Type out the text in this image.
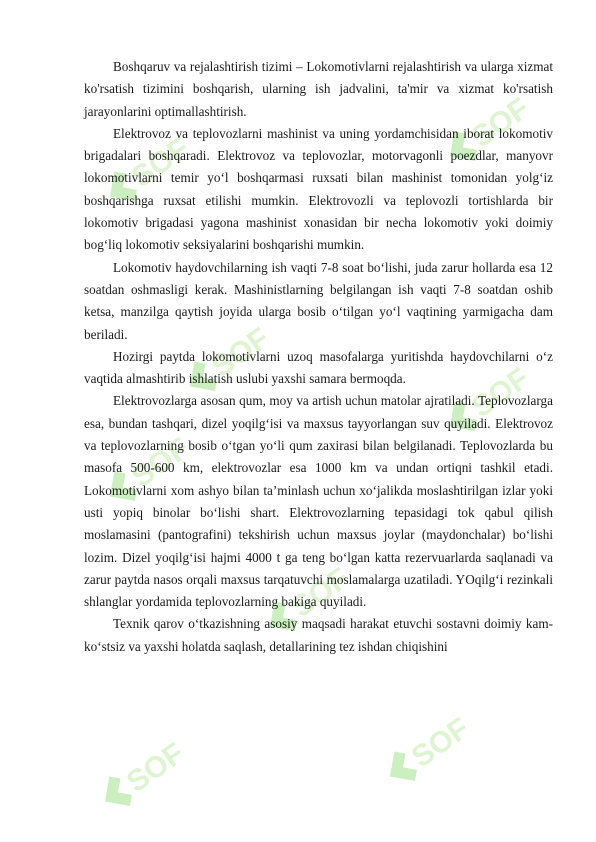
SOF
SOF
SOF
SOF
SOF
SOF
SOF
SOF

Boshqaruv va rejalashtirish tizimi – Lokomotivlarni rejalashtirish va ularga xizmat ko'rsatish tizimini boshqarish, ularning ish jadvalini, ta'mir va xizmat ko'rsatish jarayonlarini optimallashtirish.

Elektrovoz va teplovozlarni mashinist va uning yordamchisidan iborat lokomotiv brigadalari boshqaradi. Elektrovoz va teplovozlar, motorvagonli poezdlar, manyovr lokomotivlarni temir yo‘l boshqarmasi ruxsati bilan mashinist tomonidan yolg‘iz boshqarishga ruxsat etilishi mumkin. Elektrovozli va teplovozli tortishlarda bir lokomotiv brigadasi yagona mashinist xonasidan bir necha lokomotiv yoki doimiy bog‘liq lokomotiv seksiyalarini boshqarishi mumkin.

Lokomotiv haydovchilarning ish vaqti 7-8 soat bo‘lishi, juda zarur hollarda esa 12 soatdan oshmasligi kerak. Mashinistlarning belgilangan ish vaqti 7-8 soatdan oshib ketsa, manzilga qaytish joyida ularga bosib o‘tilgan yo‘l vaqtining yarmigacha dam beriladi.

Hozirgi paytda lokomotivlarni uzoq masofalarga yuritishda haydovchilarni o‘z vaqtida almashtirib ishlatish uslubi yaxshi samara bermoqda.

Elektrovozlarga asosan qum, moy va artish uchun matolar ajratiladi. Teplovozlarga esa, bundan tashqari, dizel yoqilg‘isi va maxsus tayyorlangan suv quyiladi. Elektrovoz va teplovozlarning bosib o‘tgan yo‘li qum zaxirasi bilan belgilanadi. Teplovozlarda bu masofa 500-600 km, elektrovozlar esa 1000 km va undan ortiqni tashkil etadi. Lokomotivlarni xom ashyo bilan ta’minlash uchun xo‘jalikda moslashtirilgan izlar yoki usti yopiq binolar bo‘lishi shart. Elektrovozlarning tepasidagi tok qabul qilish moslamasini (pantografini) tekshirish uchun maxsus joylar (maydonchalar) bo‘lishi lozim. Dizel yoqilg‘isi hajmi 4000 t ga teng bo‘lgan katta rezervuarlarda saqlanadi va zarur paytda nasos orqali maxsus tarqatuvchi moslamalarga uzatiladi. YOqilg‘i rezinkali shlanglar yordamida teplovozlarning bakiga quyiladi.

Texnik qarov o‘tkazishning asosiy maqsadi harakat etuvchi sostavni doimiy kam-ko‘stsiz va yaxshi holatda saqlash, detallarining tez ishdan chiqishini
